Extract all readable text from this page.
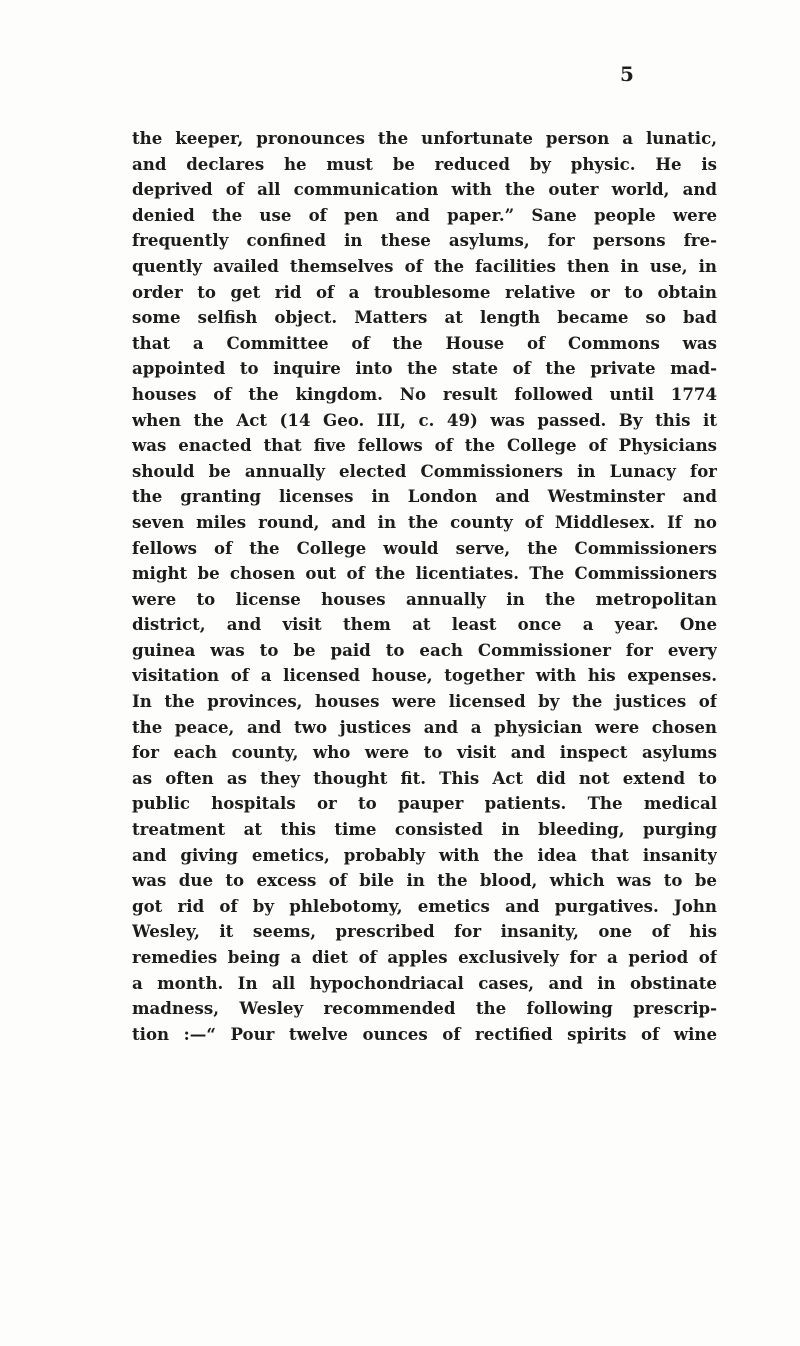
5
the keeper, pronounces the unfortunate person a lunatic,
and declares he must be reduced by physic. He is
deprived of all communication with the outer world, and
denied the use of pen and paper.” Sane people were
frequently confined in these asylums, for persons fre-
quently availed themselves of the facilities then in use, in
order to get rid of a troublesome relative or to obtain
some selfish object. Matters at length became so bad
that a Committee of the House of Commons was
appointed to inquire into the state of the private mad-
houses of the kingdom. No result followed until 1774
when the Act (14 Geo. III, c. 49) was passed. By this it
was enacted that five fellows of the College of Physicians
should be annually elected Commissioners in Lunacy for
the granting licenses in London and Westminster and
seven miles round, and in the county of Middlesex. If no
fellows of the College would serve, the Commissioners
might be chosen out of the licentiates. The Commissioners
were to license houses annually in the metropolitan
district, and visit them at least once a year. One
guinea was to be paid to each Commissioner for every
visitation of a licensed house, together with his expenses.
In the provinces, houses were licensed by the justices of
the peace, and two justices and a physician were chosen
for each county, who were to visit and inspect asylums
as often as they thought fit. This Act did not extend to
public hospitals or to pauper patients. The medical
treatment at this time consisted in bleeding, purging
and giving emetics, probably with the idea that insanity
was due to excess of bile in the blood, which was to be
got rid of by phlebotomy, emetics and purgatives. John
Wesley, it seems, prescribed for insanity, one of his
remedies being a diet of apples exclusively for a period of
a month. In all hypochondriacal cases, and in obstinate
madness, Wesley recommended the following prescrip-
tion :—“ Pour twelve ounces of rectified spirits of wine
